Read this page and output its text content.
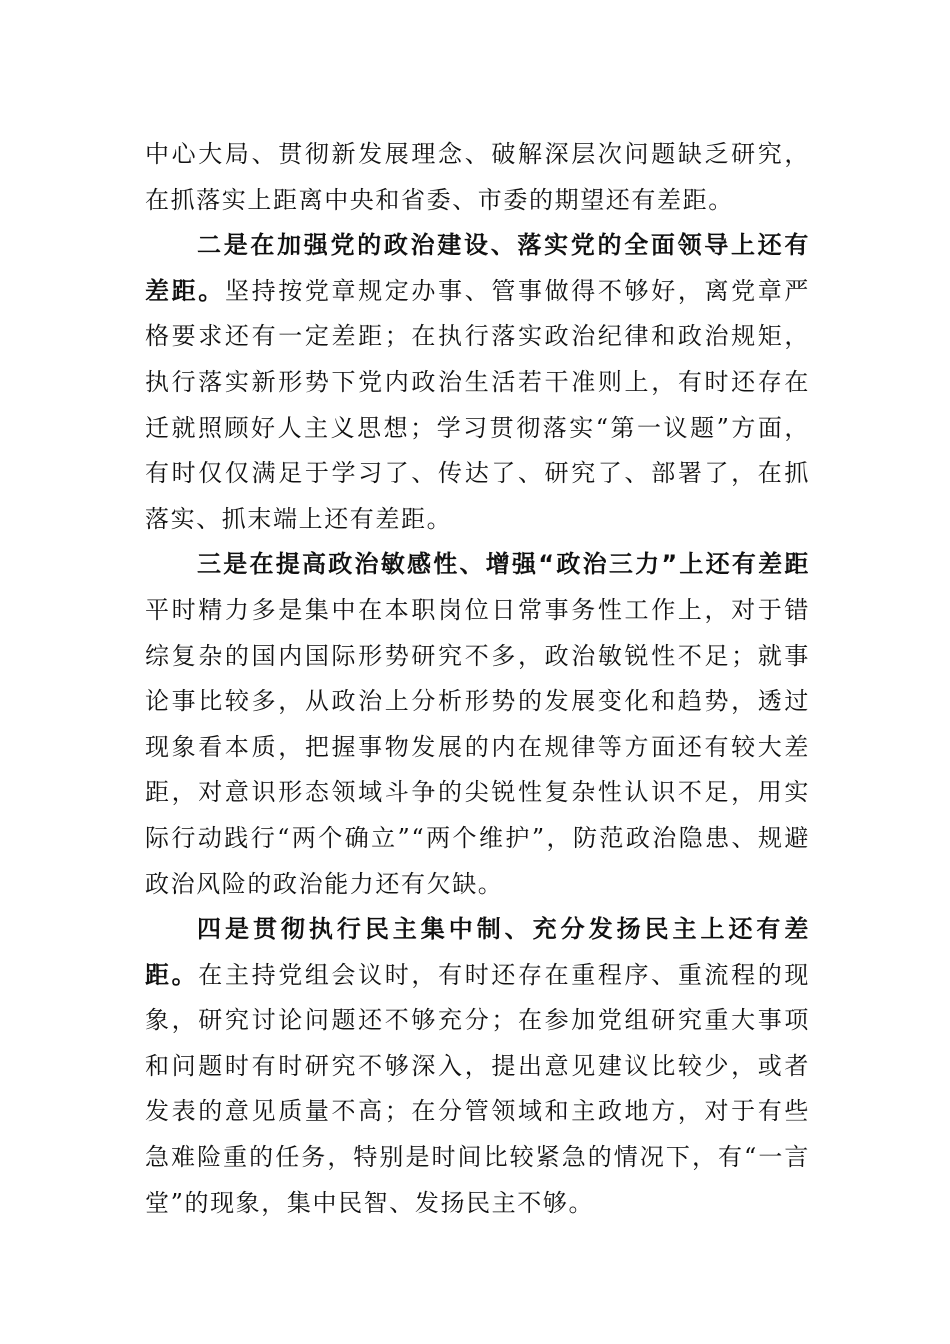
中心大局、贯彻新发展理念、破解深层次问题缺乏研究，在抓落实上距离中央和省委、市委的期望还有差距。

二是在加强党的政治建设、落实党的全面领导上还有差距。坚持按党章规定办事、管事做得不够好，离党章严格要求还有一定差距；在执行落实政治纪律和政治规矩，执行落实新形势下党内政治生活若干准则上，有时还存在迁就照顾好人主义思想；学习贯彻落实“第一议题”方面，有时仅仅满足于学习了、传达了、研究了、部署了，在抓落实、抓末端上还有差距。

三是在提高政治敏感性、增强“政治三力”上还有差距平时精力多是集中在本职岗位日常事务性工作上，对于错综复杂的国内国际形势研究不多，政治敏锐性不足；就事论事比较多，从政治上分析形势的发展变化和趋势，透过现象看本质，把握事物发展的内在规律等方面还有较大差距，对意识形态领域斗争的尖锐性复杂性认识不足，用实际行动践行“两个确立”“两个维护”，防范政治隐患、规避政治风险的政治能力还有欠缺。

四是贯彻执行民主集中制、充分发扬民主上还有差距。在主持党组会议时，有时还存在重程序、重流程的现象，研究讨论问题还不够充分；在参加党组研究重大事项和问题时有时研究不够深入，提出意见建议比较少，或者发表的意见质量不高；在分管领域和主政地方，对于有些急难险重的任务，特别是时间比较紧急的情况下，有“一言堂”的现象，集中民智、发扬民主不够。
